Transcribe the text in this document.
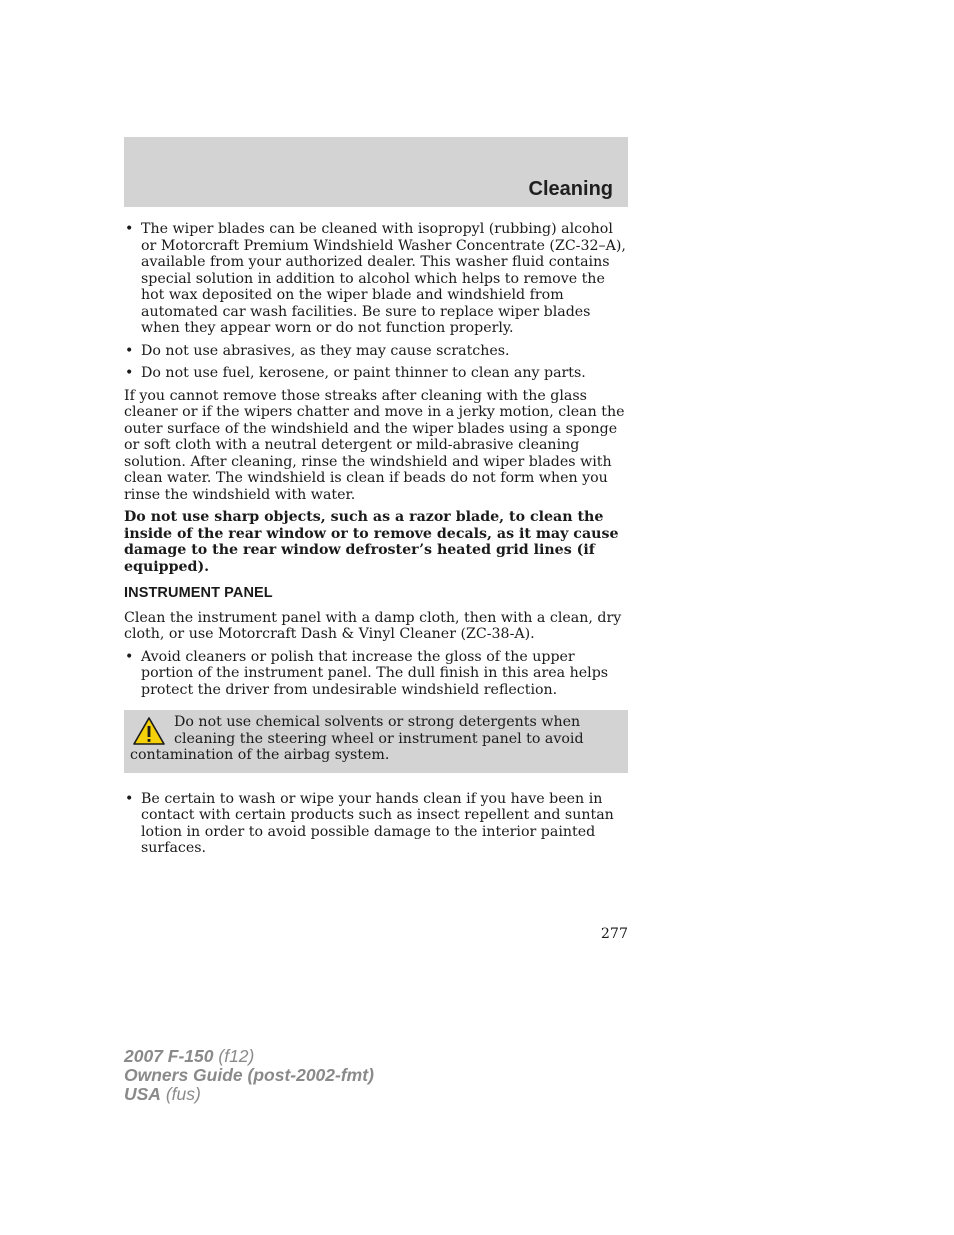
Cleaning
• The wiper blades can be cleaned with isopropyl (rubbing) alcohol or Motorcraft Premium Windshield Washer Concentrate (ZC-32–A), available from your authorized dealer. This washer fluid contains special solution in addition to alcohol which helps to remove the hot wax deposited on the wiper blade and windshield from automated car wash facilities. Be sure to replace wiper blades when they appear worn or do not function properly.
• Do not use abrasives, as they may cause scratches.
• Do not use fuel, kerosene, or paint thinner to clean any parts.

If you cannot remove those streaks after cleaning with the glass cleaner or if the wipers chatter and move in a jerky motion, clean the outer surface of the windshield and the wiper blades using a sponge or soft cloth with a neutral detergent or mild-abrasive cleaning solution. After cleaning, rinse the windshield and wiper blades with clean water. The windshield is clean if beads do not form when you rinse the windshield with water.

Do not use sharp objects, such as a razor blade, to clean the inside of the rear window or to remove decals, as it may cause damage to the rear window defroster’s heated grid lines (if equipped).

INSTRUMENT PANEL

Clean the instrument panel with a damp cloth, then with a clean, dry cloth, or use Motorcraft Dash & Vinyl Cleaner (ZC-38-A).

• Avoid cleaners or polish that increase the gloss of the upper portion of the instrument panel. The dull finish in this area helps protect the driver from undesirable windshield reflection.
Do not use chemical solvents or strong detergents when cleaning the steering wheel or instrument panel to avoid contamination of the airbag system.
• Be certain to wash or wipe your hands clean if you have been in contact with certain products such as insect repellent and suntan lotion in order to avoid possible damage to the interior painted surfaces.
277
2007 F-150 (f12)
Owners Guide (post-2002-fmt)
USA (fus)
